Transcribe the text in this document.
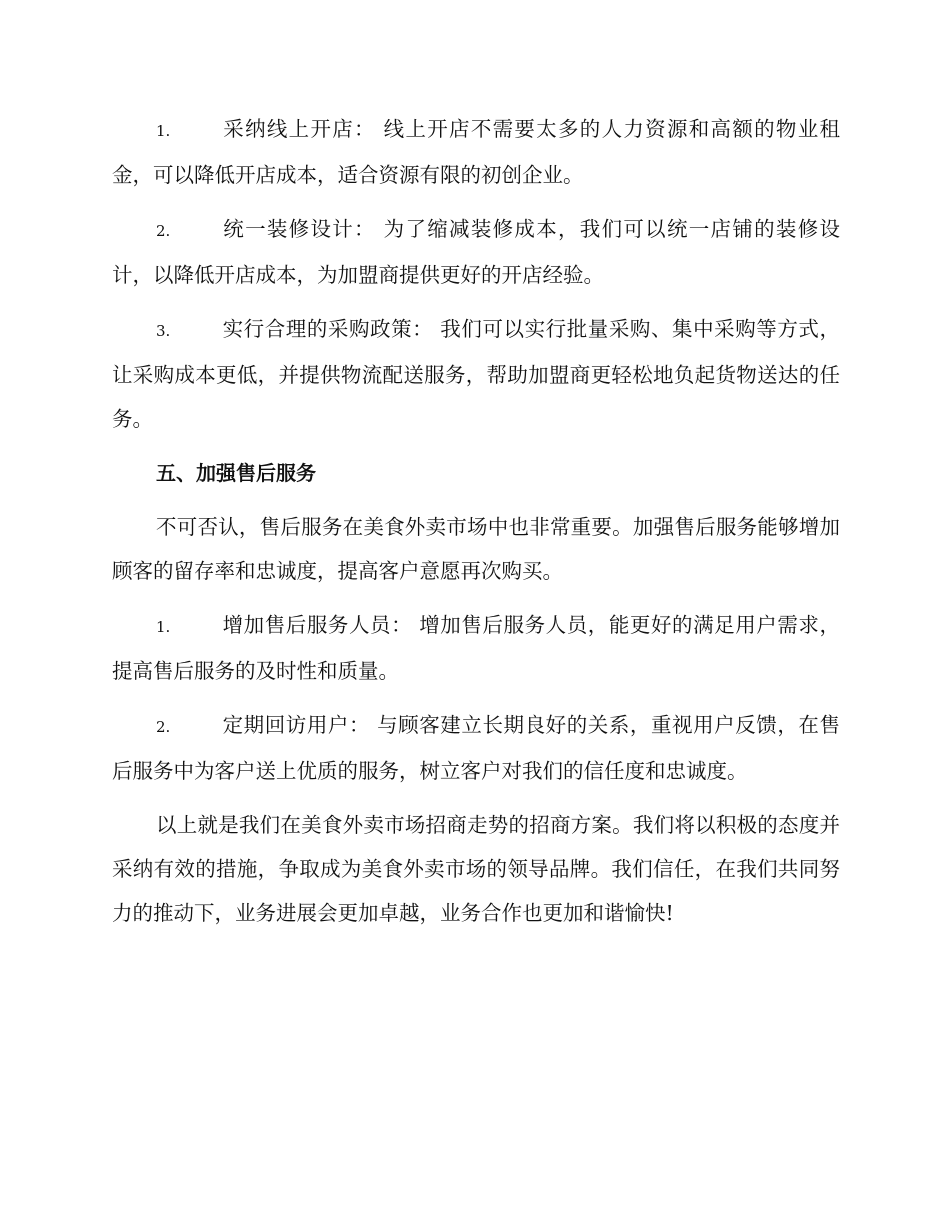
1.	采纳线上开店： 线上开店不需要太多的人力资源和高额的物业租金，可以降低开店成本，适合资源有限的初创企业。

2.	统一装修设计： 为了缩减装修成本，我们可以统一店铺的装修设计，以降低开店成本，为加盟商提供更好的开店经验。

3.	实行合理的采购政策： 我们可以实行批量采购、集中采购等方式，让采购成本更低，并提供物流配送服务，帮助加盟商更轻松地负起货物送达的任务。

五、加强售后服务

不可否认，售后服务在美食外卖市场中也非常重要。加强售后服务能够增加顾客的留存率和忠诚度，提高客户意愿再次购买。

1.	增加售后服务人员： 增加售后服务人员，能更好的满足用户需求，提高售后服务的及时性和质量。

2.	定期回访用户： 与顾客建立长期良好的关系，重视用户反馈，在售后服务中为客户送上优质的服务，树立客户对我们的信任度和忠诚度。

以上就是我们在美食外卖市场招商走势的招商方案。我们将以积极的态度并采纳有效的措施，争取成为美食外卖市场的领导品牌。我们信任，在我们共同努力的推动下，业务进展会更加卓越，业务合作也更加和谐愉快!
